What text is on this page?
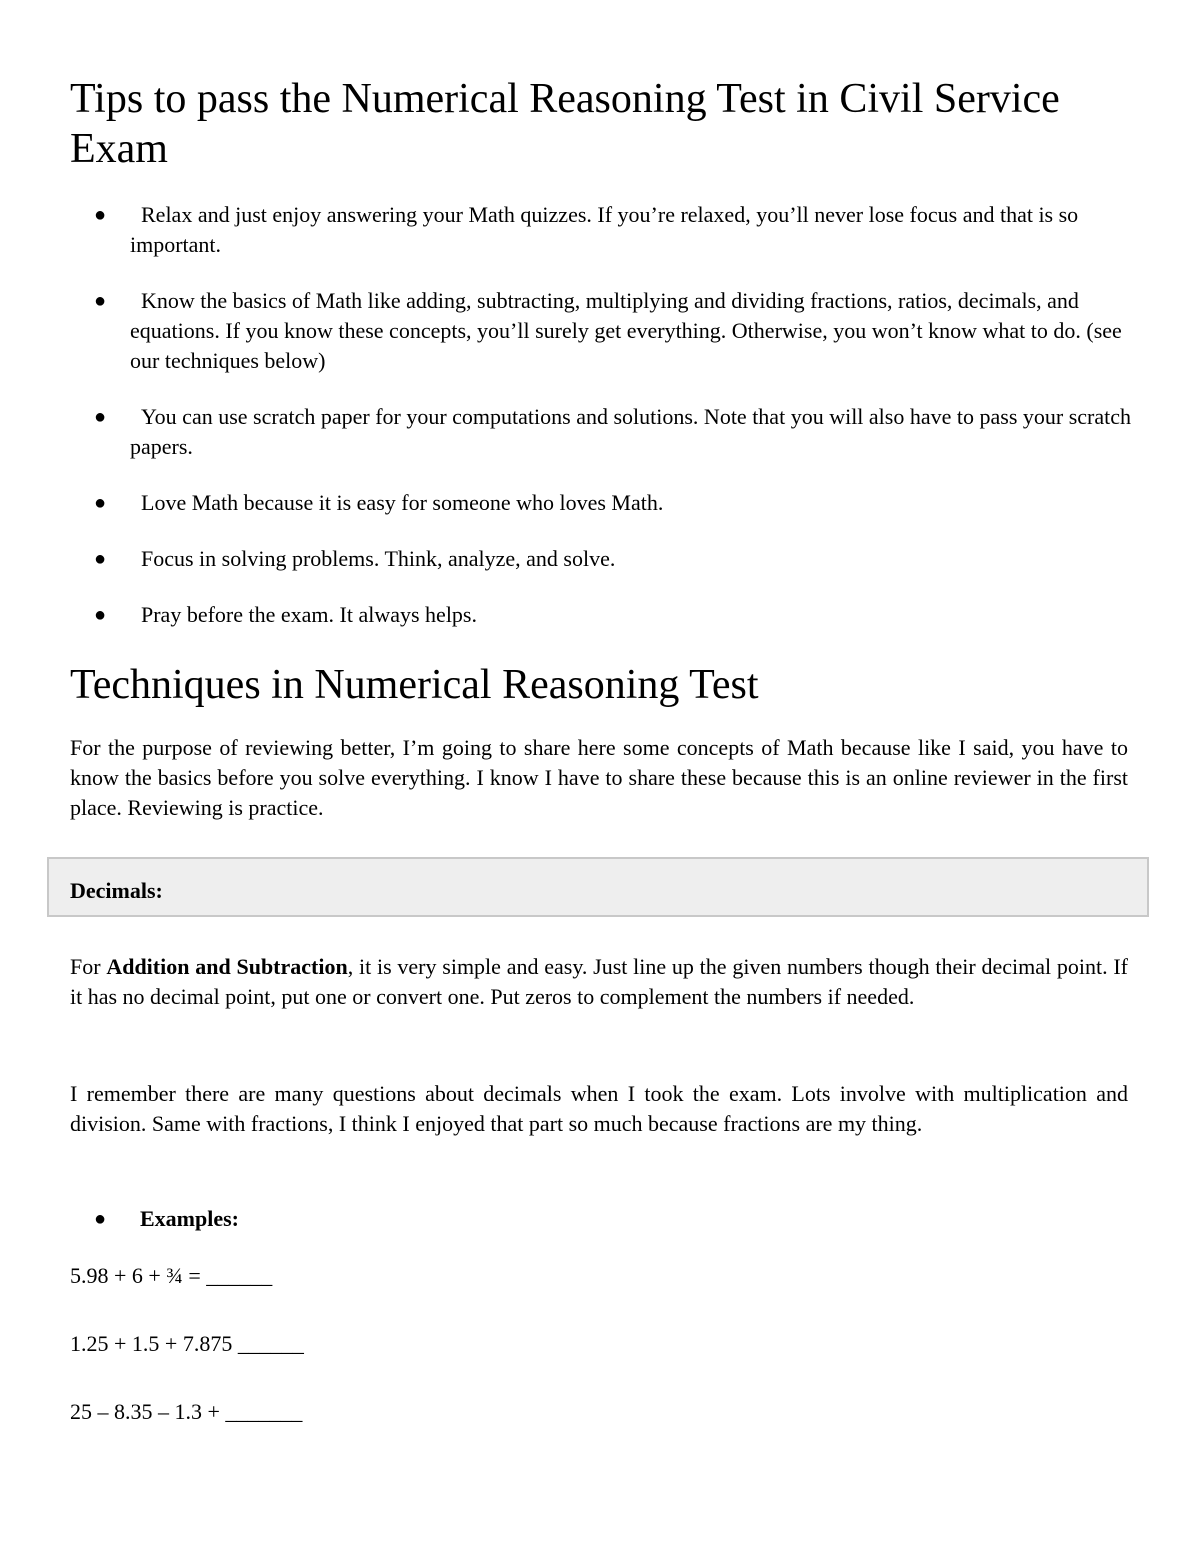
Tips to pass the Numerical Reasoning Test in Civil Service
Exam
●	Relax and just enjoy answering your Math quizzes. If you’re relaxed, you’ll never lose focus and that is so important.
●	Know the basics of Math like adding, subtracting, multiplying and dividing fractions, ratios, decimals, and equations. If you know these concepts, you’ll surely get everything. Otherwise, you won’t know what to do. (see our techniques below)
●	You can use scratch paper for your computations and solutions. Note that you will also have to pass your scratch papers.
●	Love Math because it is easy for someone who loves Math.
●	Focus in solving problems. Think, analyze, and solve.
●	Pray before the exam. It always helps.
Techniques in Numerical Reasoning Test

For the purpose of reviewing better, I’m going to share here some concepts of Math because like I said, you have to know the basics before you solve everything. I know I have to share these because this is an online reviewer in the first place. Reviewing is practice.

Decimals:

For Addition and Subtraction, it is very simple and easy. Just line up the given numbers though their decimal point. If it has no decimal point, put one or convert one. Put zeros to complement the numbers if needed.

I remember there are many questions about decimals when I took the exam. Lots involve with multiplication and division. Same with fractions, I think I enjoyed that part so much because fractions are my thing.

● Examples:

5.98 + 6 + ¾ = ______

1.25 + 1.5 + 7.875 ______

25 – 8.35 – 1.3 + _______
